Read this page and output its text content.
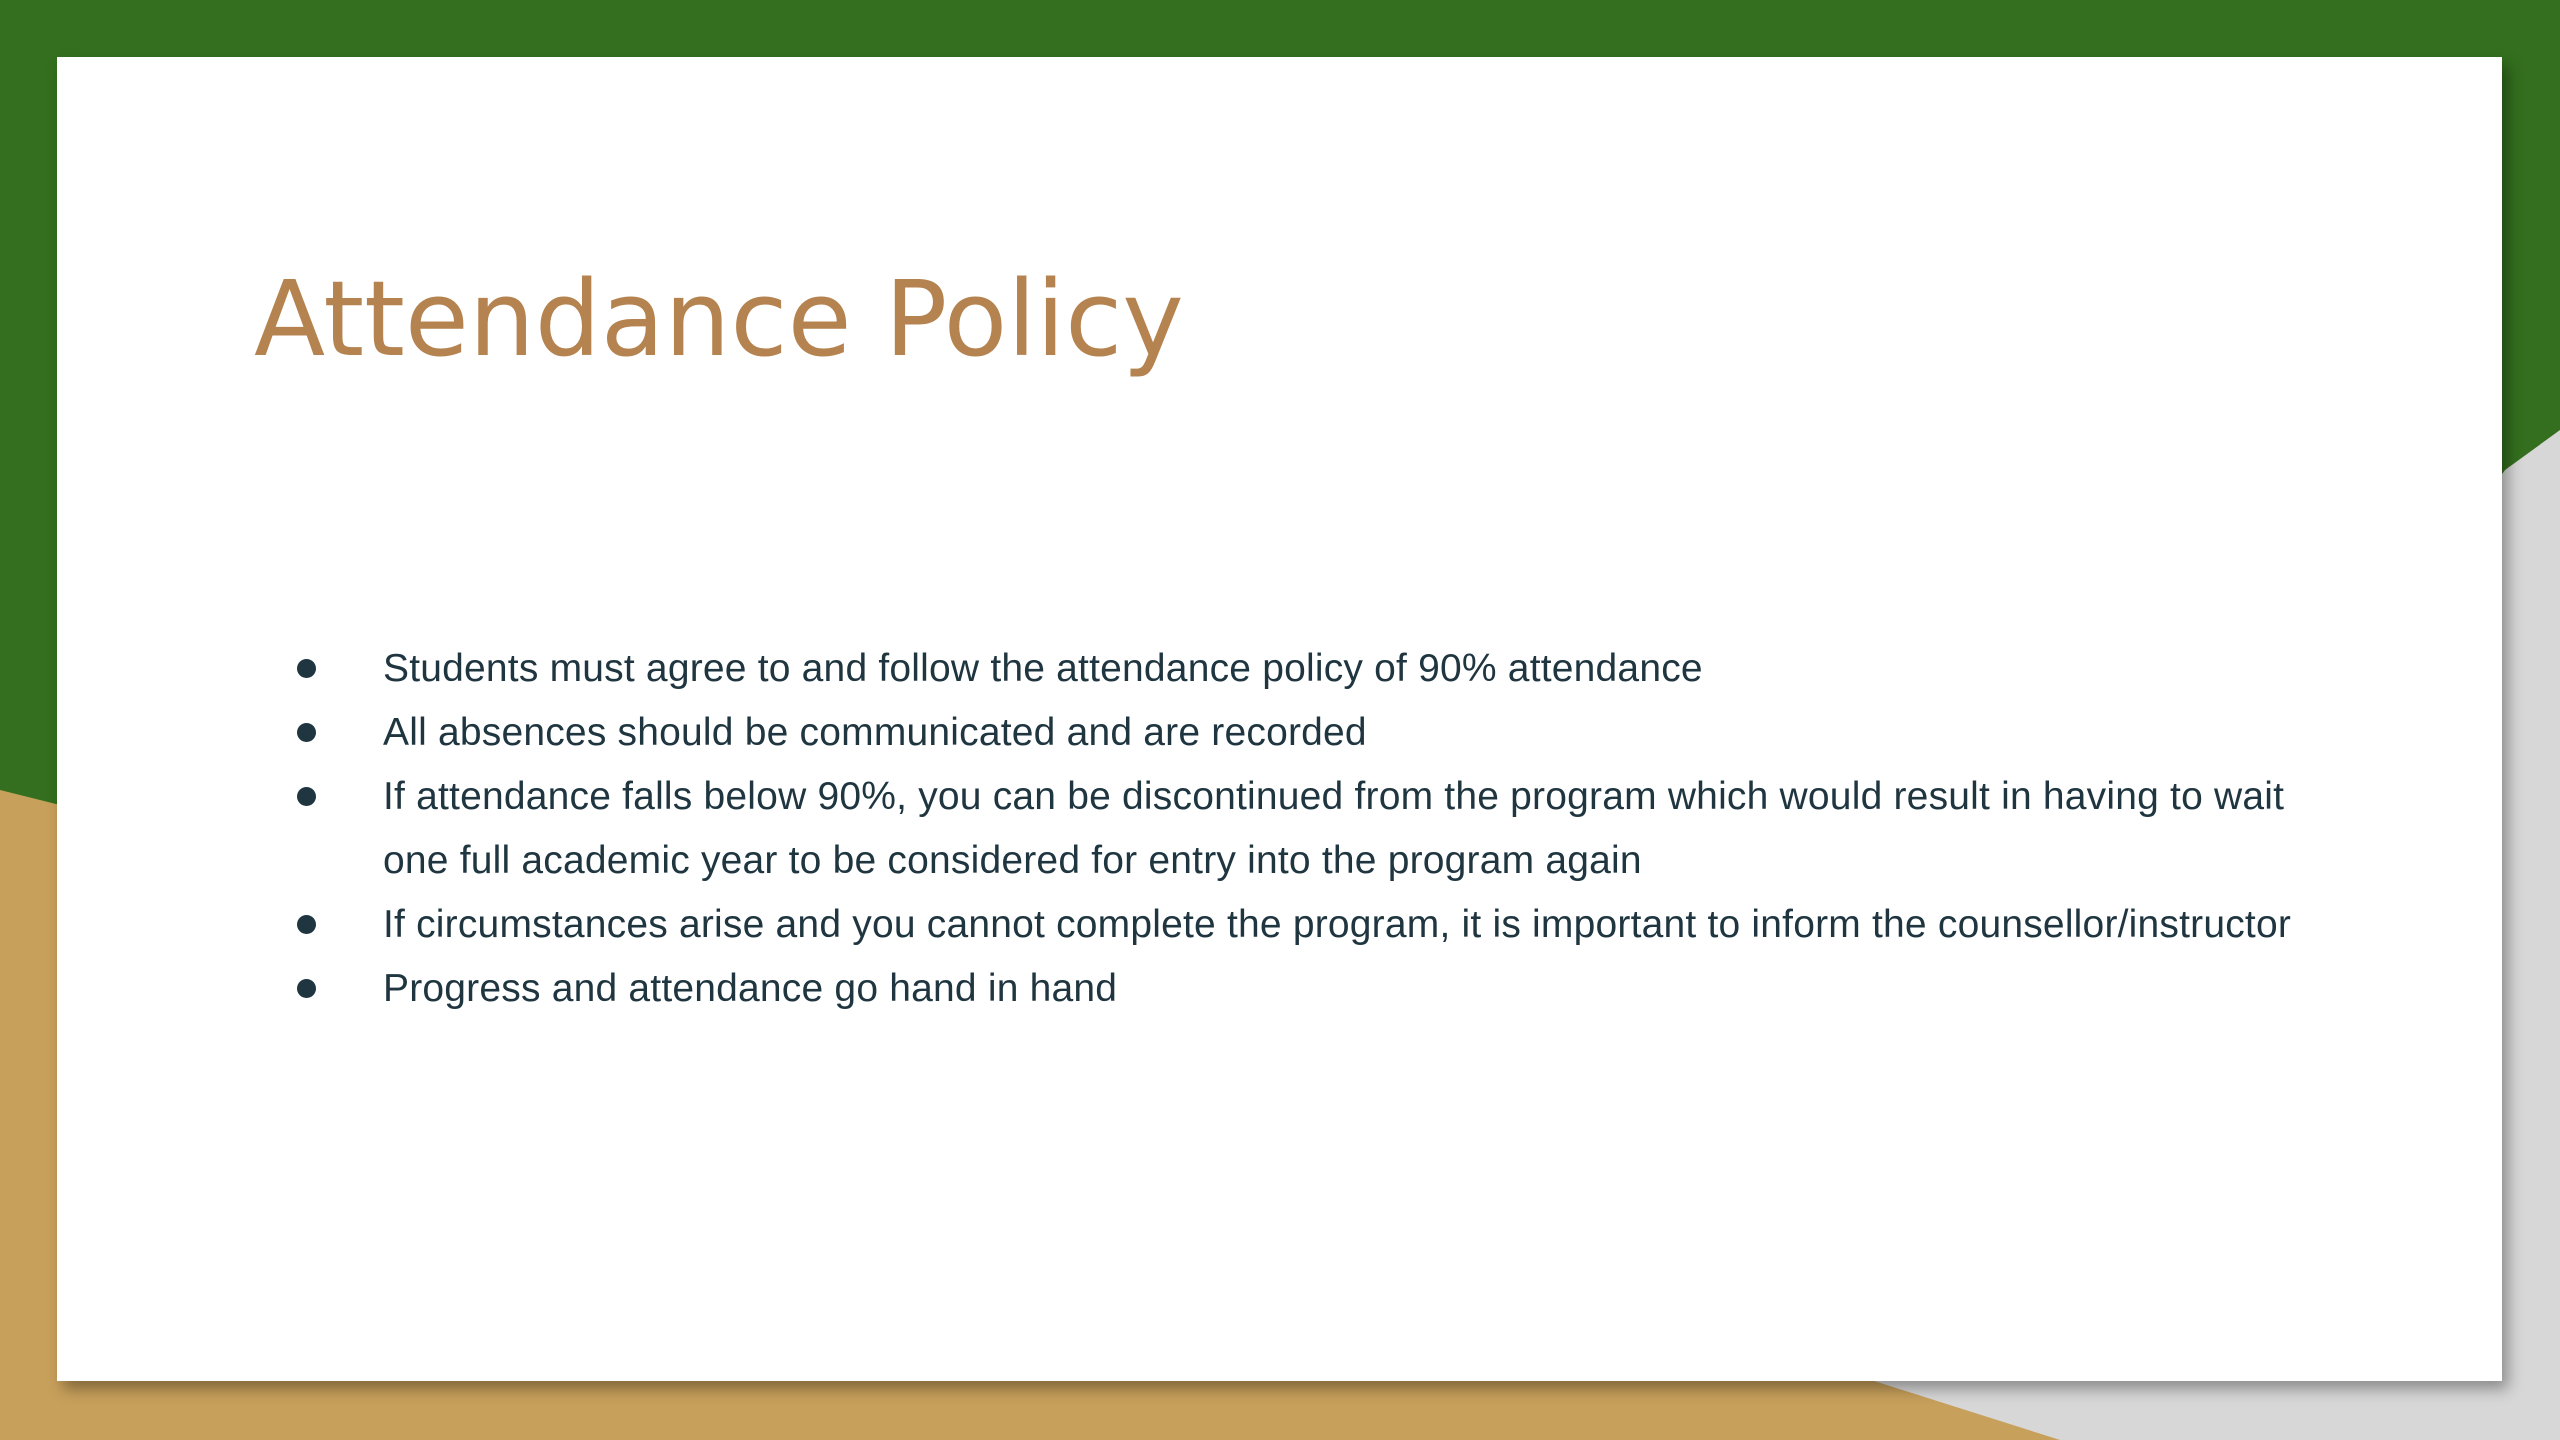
Attendance Policy
Students must agree to and follow the attendance policy of 90% attendance
All absences should be communicated and are recorded
If attendance falls below 90%, you can be discontinued from the program which would result in having to wait one full academic year to be considered for entry into the program again
If circumstances arise and you cannot complete the program, it is important to inform the counsellor/instructor
Progress and attendance go hand in hand
